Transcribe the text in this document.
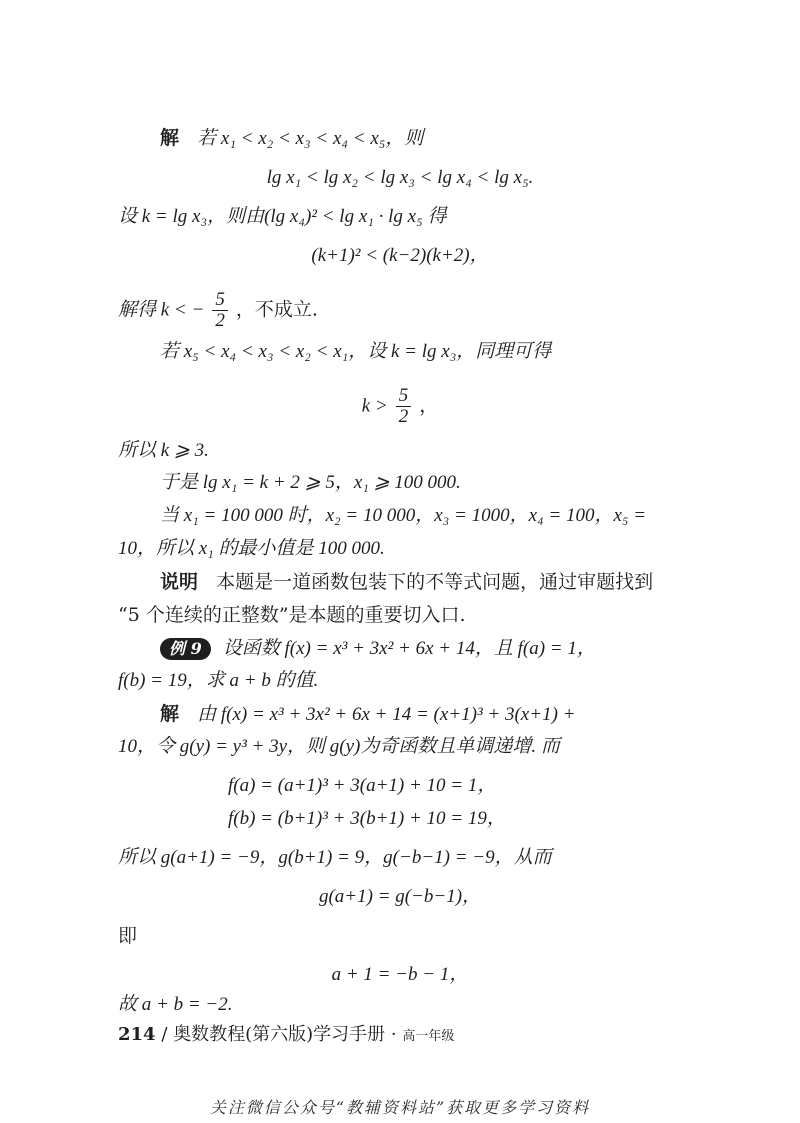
解 若 x₁ < x₂ < x₃ < x₄ < x₅，则
lg x₁ < lg x₂ < lg x₃ < lg x₄ < lg x₅.
设 k = lg x₃，则由(lg x₄)² < lg x₁ · lg x₅ 得
(k+1)² < (k−2)(k+2)，
解得 k < − $\frac{5}{2}$ ，不成立.
若 x₅ < x₄ < x₃ < x₂ < x₁，设 k = lg x₃，同理可得
$k > \frac{5}{2}$ ，
所以 k ⩾ 3.
于是 lg x₁ = k + 2 ⩾ 5，x₁ ⩾ 100 000.
当 x₁ = 100 000 时，x₂ = 10 000，x₃ = 1000，x₄ = 100，x₅ =
10，所以 x₁ 的最小值是 100 000.
说明 本题是一道函数包装下的不等式问题，通过审题找到
“5 个连续的正整数”是本题的重要切入口.
例 9 设函数 f(x) = x³ + 3x² + 6x + 14，且 f(a) = 1，
f(b) = 19，求 a + b 的值.
解 由 f(x) = x³ + 3x² + 6x + 14 = (x+1)³ + 3(x+1) +
10，令 g(y) = y³ + 3y，则 g(y)为奇函数且单调递增. 而
f(a) = (a+1)³ + 3(a+1) + 10 = 1，
f(b) = (b+1)³ + 3(b+1) + 10 = 19，
所以 g(a+1) = −9，g(b+1) = 9，g(−b−1) = −9，从而
g(a+1) = g(−b−1)，
即
a + 1 = −b − 1，
故 a + b = −2.
214 / 奥数教程(第六版)学习手册 · 高一年级
关注微信公众号“教辅资料站”获取更多学习资料
